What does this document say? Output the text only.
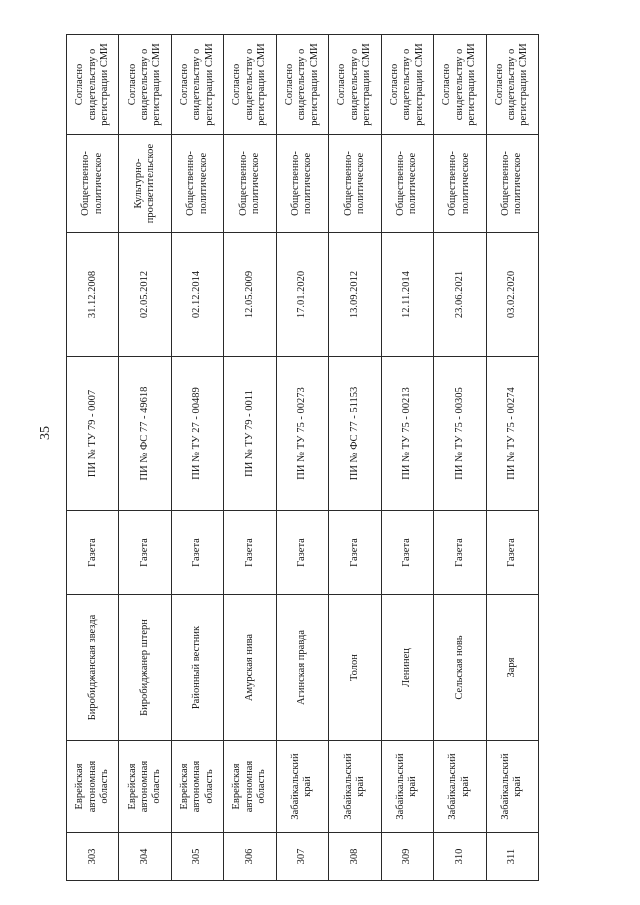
35
303	Еврейская автономная область	Биробиджанская звезда	Газета	ПИ № ТУ 79 - 0007	31.12.2008	Общественно-политическое	Согласно свидетельству о регистрации СМИ
304	Еврейская автономная область	Биробиджанер штерн	Газета	ПИ № ФС 77 - 49618	02.05.2012	Культурно-просветительское	Согласно свидетельству о регистрации СМИ
305	Еврейская автономная область	Районный вестник	Газета	ПИ № ТУ 27 - 00489	02.12.2014	Общественно-политическое	Согласно свидетельству о регистрации СМИ
306	Еврейская автономная область	Амурская нива	Газета	ПИ № ТУ 79 - 0011	12.05.2009	Общественно-политическое	Согласно свидетельству о регистрации СМИ
307	Забайкальский край	Агинская правда	Газета	ПИ № ТУ 75 - 00273	17.01.2020	Общественно-политическое	Согласно свидетельству о регистрации СМИ
308	Забайкальский край	Толон	Газета	ПИ № ФС 77 - 51153	13.09.2012	Общественно-политическое	Согласно свидетельству о регистрации СМИ
309	Забайкальский край	Ленинец	Газета	ПИ № ТУ 75 - 00213	12.11.2014	Общественно-политическое	Согласно свидетельству о регистрации СМИ
310	Забайкальский край	Сельская новь	Газета	ПИ № ТУ 75 - 00305	23.06.2021	Общественно-политическое	Согласно свидетельству о регистрации СМИ
311	Забайкальский край	Заря	Газета	ПИ № ТУ 75 - 00274	03.02.2020	Общественно-политическое	Согласно свидетельству о регистрации СМИ
